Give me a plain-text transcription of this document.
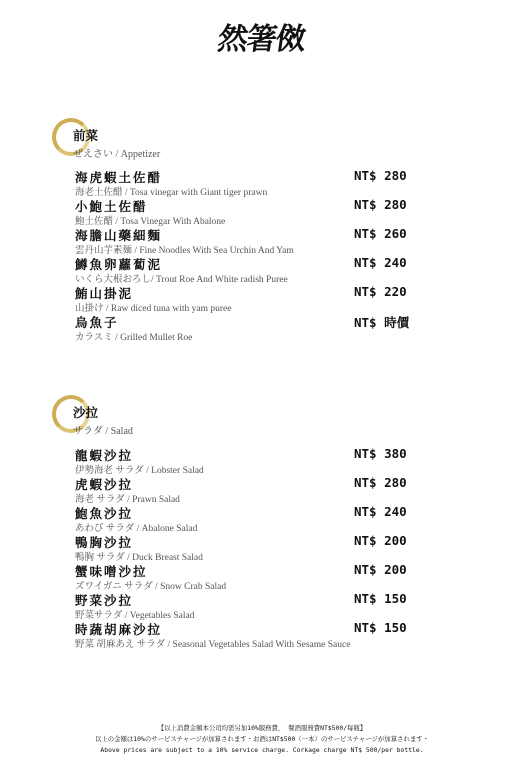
然箸傚
前菜
ぜえさい / Appetizer
海虎蝦土佐醋
海老土佐醋 / Tosa vinegar with Giant tiger prawn
NT$ 280
小鮑土佐醋
鮑土佐醋 / Tosa Vinegar With Abalone
NT$ 280
海膽山藥細麵
雲丹山芋素麺 / Fine Noodles With Sea Urchin And Yam
NT$ 260
鱒魚卵蘿蔔泥
いくら大根おろし/ Trout Roe And White radish Puree
NT$ 240
鮪山掛泥
山掛け / Raw diced tuna with yam puree
NT$ 220
烏魚子
カラスミ / Grilled Mullet Roe
NT$ 時價
沙拉
サラダ / Salad
龍蝦沙拉
伊勢海老 サラダ / Lobster Salad
NT$ 380
虎蝦沙拉
海老 サラダ / Prawn Salad
NT$ 280
鮑魚沙拉
あわび サラダ / Abalone Salad
NT$ 240
鴨胸沙拉
鴨胸 サラダ / Duck Breast Salad
NT$ 200
蟹味噌沙拉
ズワイガニ サラダ / Snow Crab Salad
NT$ 200
野菜沙拉
野菜サラダ / Vegetables Salad
NT$ 150
時蔬胡麻沙拉
野菜 胡麻あえ サラダ / Seasonal Vegetables Salad With Sesame Sauce
NT$ 150
【以上消費金額本公司均需另加10%服務費， 餐酒服務費NT$500/每瓶】
以上の金額は10%のサービスチャージが加算されます・お酒はNT$500（一本）のサービスチャージが加算されます・
Above prices are subject to a 10% service charge. Corkage charge NT$ 500/per bottle.
